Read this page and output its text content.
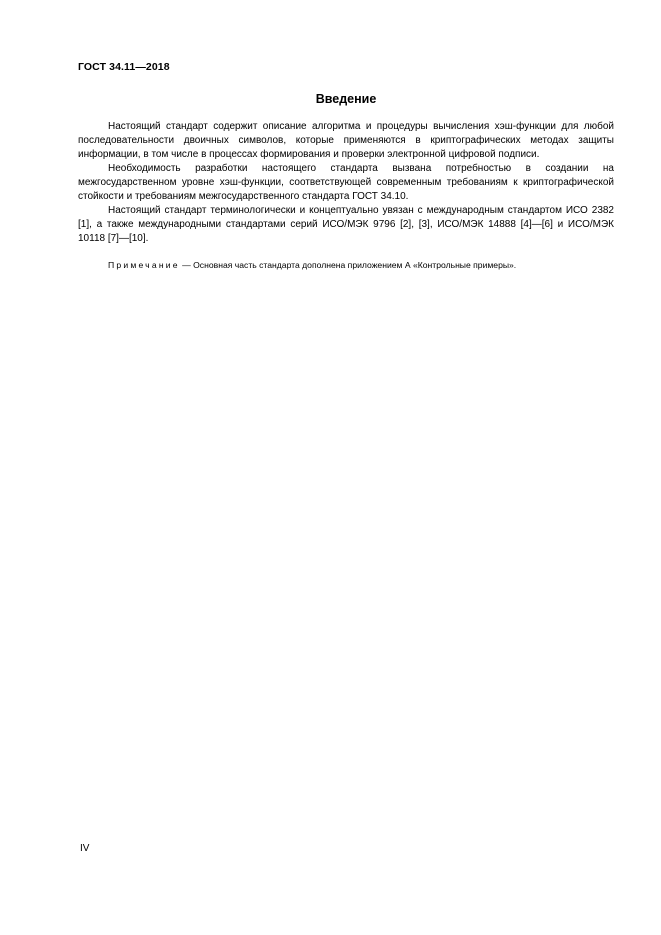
ГОСТ 34.11—2018
Введение

Настоящий стандарт содержит описание алгоритма и процедуры вычисления хэш-функции для любой последовательности двоичных символов, которые применяются в криптографических методах защиты информации, в том числе в процессах формирования и проверки электронной цифровой подписи.

Необходимость разработки настоящего стандарта вызвана потребностью в создании на межгосударственном уровне хэш-функции, соответствующей современным требованиям к криптографической стойкости и требованиям межгосударственного стандарта ГОСТ 34.10.

Настоящий стандарт терминологически и концептуально увязан с международным стандартом ИСО 2382 [1], а также международными стандартами серий ИСО/МЭК 9796 [2], [3], ИСО/МЭК 14888 [4]—[6] и ИСО/МЭК 10118 [7]—[10].

Примечание — Основная часть стандарта дополнена приложением А «Контрольные примеры».
IV
